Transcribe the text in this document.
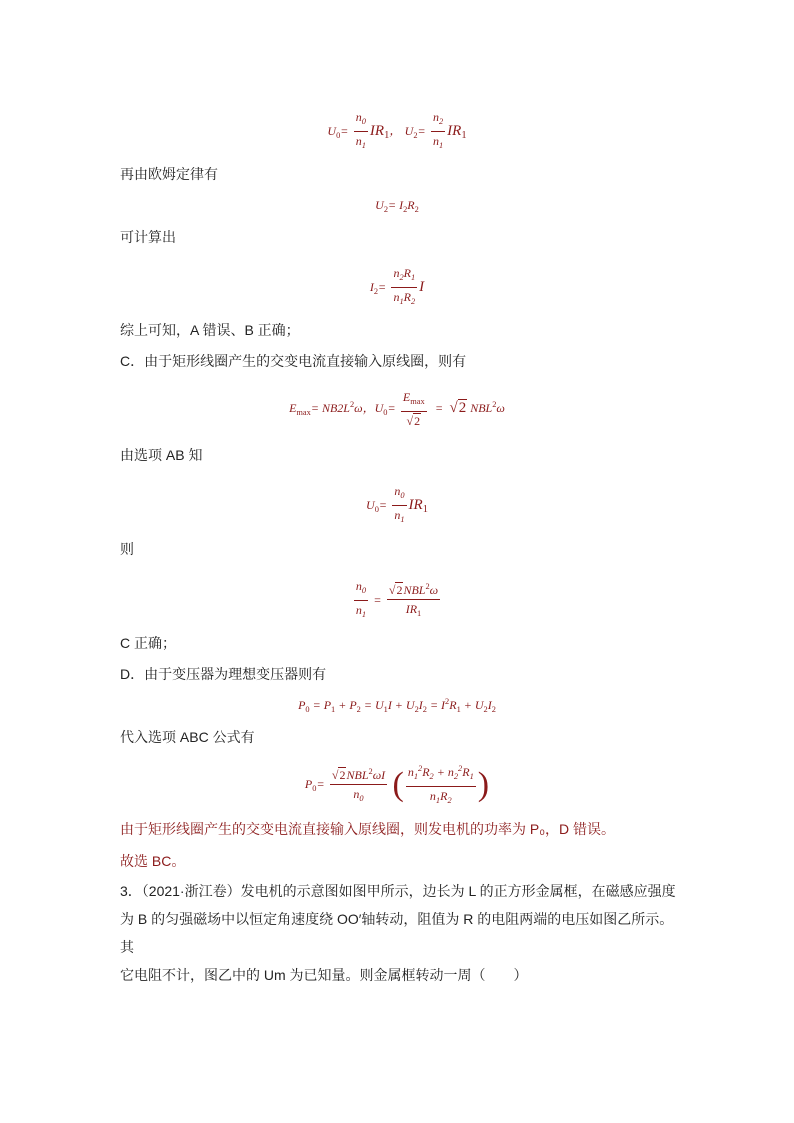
$U_0= \frac{n_0}{n_1} IR_1$， $U_2= \frac{n_2}{n_1} IR_1$
再由欧姆定律有
$U_2= I_2R_2$
可计算出
$I_2= \frac{n_2R_1}{n_1R_2}$ I
综上可知，A 错误、B 正确；
C．由于矩形线圈产生的交变电流直接输入原线圈，则有
$E_{max}= NB2L^2\omega$，$U_0= \frac{E_{max}}{√2} = √2$ NBL$^2$ω
由选项 AB 知
$U_0= \frac{n_0}{n_1} IR_1$
则
$\frac{n_0}{n_1} = \frac{√2NBL^2\omega}{IR_1}$
C 正确；
D．由于变压器为理想变压器则有
$P_0 = P_1 + P_2 = U_1I + U_2I_2 = I^2R_1 + U_2I_2$
代入选项 ABC 公式有
$P_0= \frac{√2NBL^2\omega I}{n_0}$ ( $\frac{n_1^2R_2 + n_2^2R_1}{n_1R_2}$ )
由于矩形线圈产生的交变电流直接输入原线圈，则发电机的功率为 P₀，D 错误。
故选 BC。
3．（2021·浙江卷）发电机的示意图如图甲所示，边长为 L 的正方形金属框，在磁感应强度
为 B 的匀强磁场中以恒定角速度绕 OO′轴转动，阻值为 R 的电阻两端的电压如图乙所示。其
它电阻不计，图乙中的 Um 为已知量。则金属框转动一周（　　）
